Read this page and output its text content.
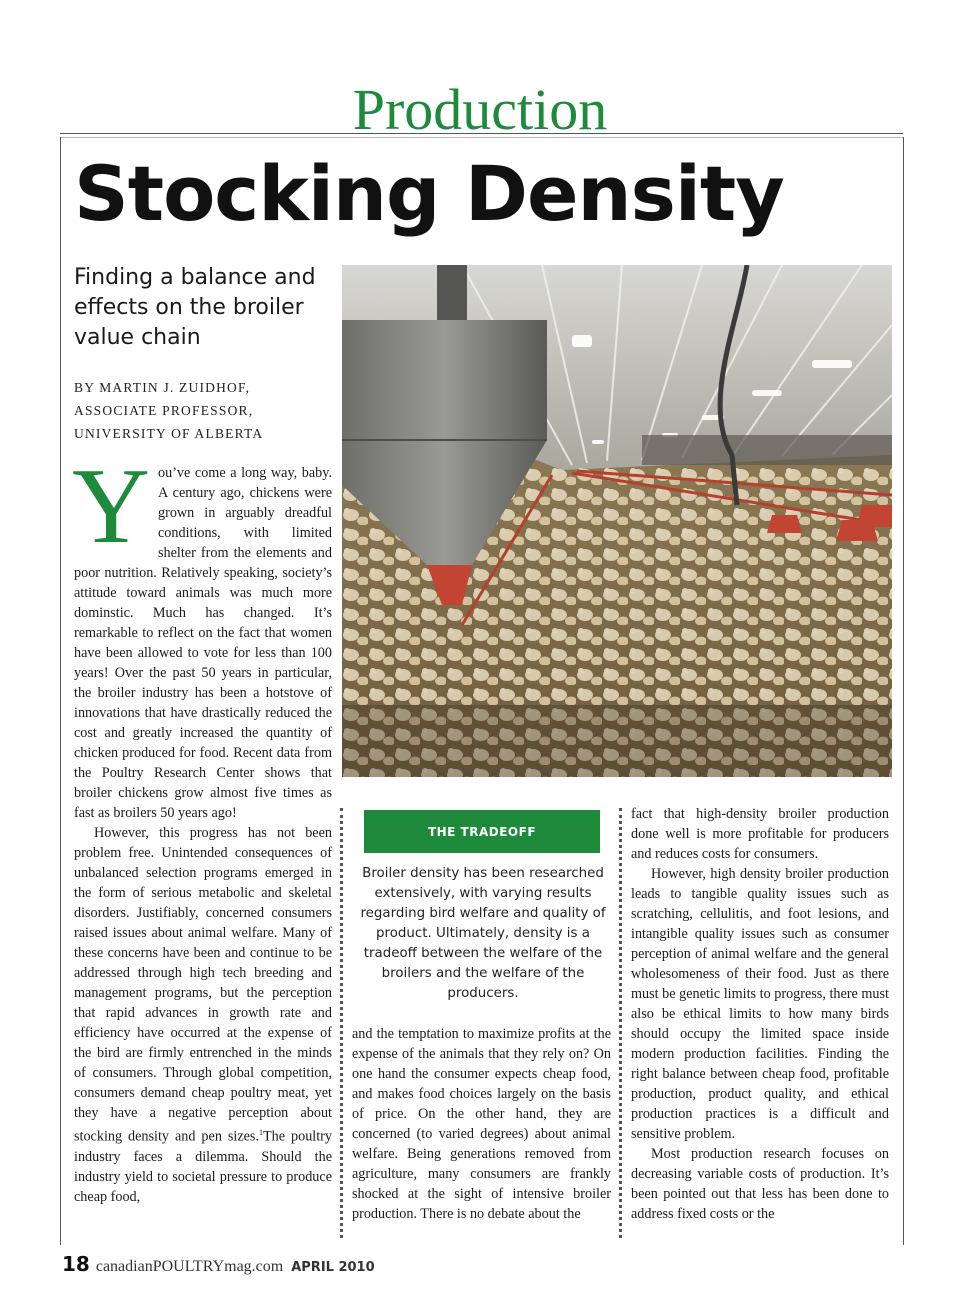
Production
Stocking Density
Finding a balance and effects on the broiler value chain
BY MARTIN J. ZUIDHOF,
ASSOCIATE PROFESSOR,
UNIVERSITY OF ALBERTA

You’ve come a long way, baby. A century ago, chickens were grown in arguably dreadful conditions, with limited shelter from the elements and poor nutrition. Relatively speaking, society’s attitude toward animals was much more dominstic. Much has changed. It’s remarkable to reflect on the fact that women have been allowed to vote for less than 100 years! Over the past 50 years in particular, the broiler industry has been a hotstove of innovations that have drastically reduced the cost and greatly increased the quantity of chicken produced for food. Recent data from the Poultry Research Center shows that broiler chickens grow almost five times as fast as broilers 50 years ago!

However, this progress has not been problem free. Unintended consequences of unbalanced selection programs emerged in the form of serious metabolic and skeletal disorders. Justifiably, concerned consumers raised issues about animal welfare. Many of these concerns have been and continue to be addressed through high tech breeding and management programs, but the perception that rapid advances in growth rate and efficiency have occurred at the expense of the bird are firmly entrenched in the minds of consumers. Through global competition, consumers demand cheap poultry meat, yet they have a negative perception about stocking density and pen sizes.$^1$The poultry industry faces a dilemma. Should the industry yield to societal pressure to produce cheap food,

THE TRADEOFF
Broiler density has been researched extensively, with varying results regarding bird welfare and quality of product. Ultimately, density is a tradeoff between the welfare of the broilers and the welfare of the producers.

and the temptation to maximize profits at the expense of the animals that they rely on? On one hand the consumer expects cheap food, and makes food choices largely on the basis of price. On the other hand, they are concerned (to varied degrees) about animal welfare. Being generations removed from agriculture, many consumers are frankly shocked at the sight of intensive broiler production. There is no debate about the

fact that high-density broiler production done well is more profitable for producers and reduces costs for consumers.

However, high density broiler production leads to tangible quality issues such as scratching, cellulitis, and foot lesions, and intangible quality issues such as consumer perception of animal welfare and the general wholesomeness of their food. Just as there must be genetic limits to progress, there must also be ethical limits to how many birds should occupy the limited space inside modern production facilities. Finding the right balance between cheap food, profitable production, product quality, and ethical production practices is a difficult and sensitive problem.

Most production research focuses on decreasing variable costs of production. It’s been pointed out that less has been done to address fixed costs or the

18 canadianPOULTRYmag.com APRIL 2010
